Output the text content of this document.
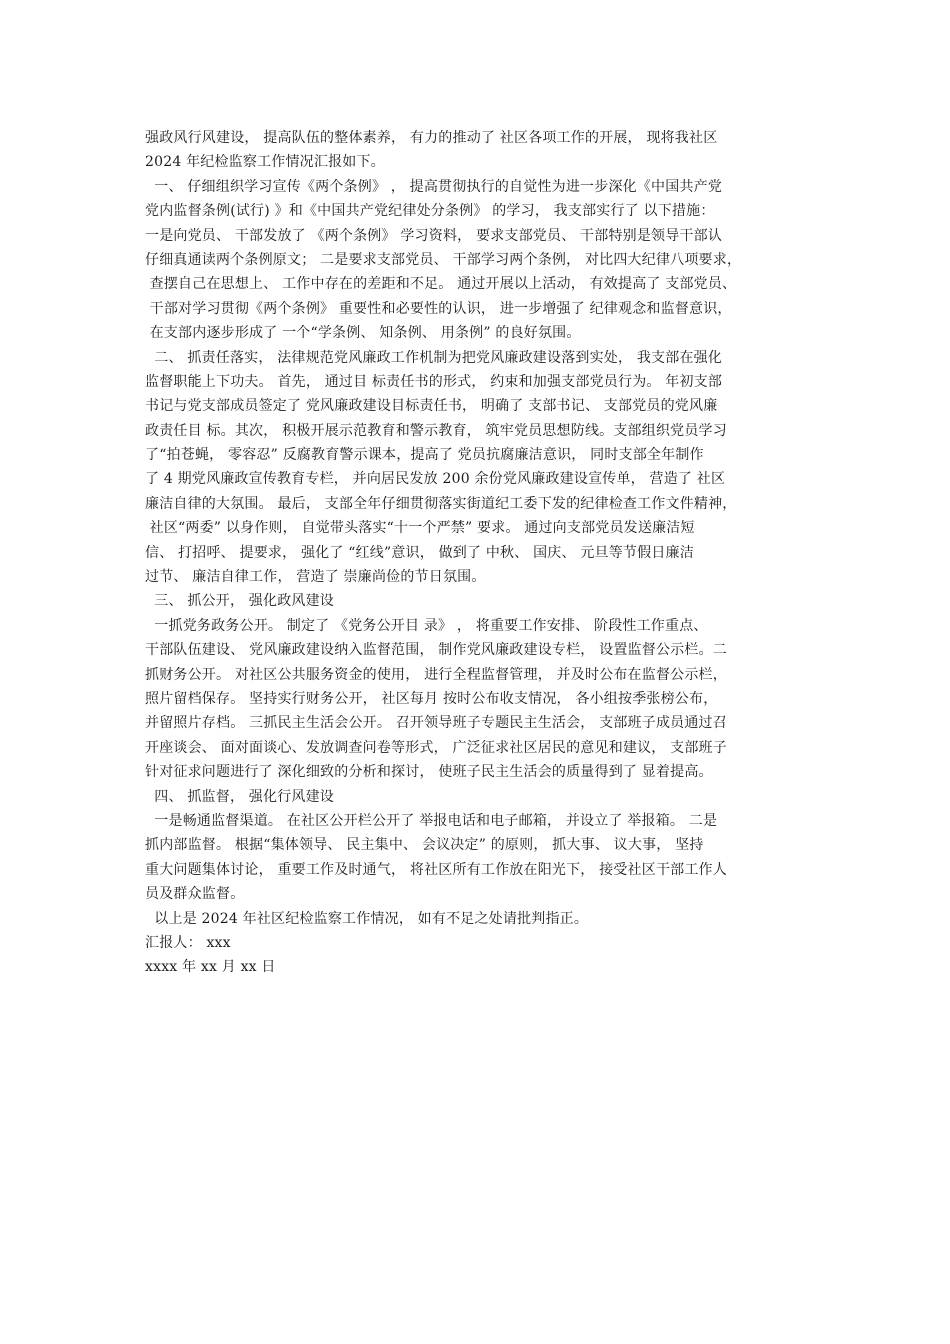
强政风行风建设， 提高队伍的整体素养， 有力的推动了 社区各项工作的开展， 现将我社区
2024 年纪检监察工作情况汇报如下。
一、 仔细组织学习宣传《两个条例》 ， 提高贯彻执行的自觉性为进一步深化《中国共产党
党内监督条例(试行) 》和《中国共产党纪律处分条例》 的学习， 我支部实行了 以下措施：
一是向党员、 干部发放了 《两个条例》 学习资料， 要求支部党员、 干部特别是领导干部认
仔细真通读两个条例原文； 二是要求支部党员、 干部学习两个条例， 对比四大纪律八项要求，
查摆自己在思想上、 工作中存在的差距和不足。 通过开展以上活动， 有效提高了 支部党员、
干部对学习贯彻《两个条例》 重要性和必要性的认识， 进一步增强了 纪律观念和监督意识，
在支部内逐步形成了 一个“学条例、 知条例、 用条例” 的良好氛围。
二、 抓责任落实， 法律规范党风廉政工作机制为把党风廉政建设落到实处， 我支部在强化
监督职能上下功夫。 首先， 通过目 标责任书的形式， 约束和加强支部党员行为。 年初支部
书记与党支部成员签定了 党风廉政建设目标责任书， 明确了 支部书记、 支部党员的党风廉
政责任目 标。其次， 积极开展示范教育和警示教育， 筑牢党员思想防线。支部组织党员学习
了“拍苍蝇， 零容忍” 反腐教育警示课本，提高了 党员抗腐廉洁意识， 同时支部全年制作
了 4 期党风廉政宣传教育专栏， 并向居民发放 200 余份党风廉政建设宣传单， 营造了 社区
廉洁自律的大氛围。 最后， 支部全年仔细贯彻落实街道纪工委下发的纪律检查工作文件精神，
社区“两委” 以身作则， 自觉带头落实“十一个严禁” 要求。 通过向支部党员发送廉洁短
信、 打招呼、 提要求， 强化了 “红线”意识， 做到了 中秋、 国庆、 元旦等节假日廉洁
过节、 廉洁自律工作， 营造了 崇廉尚俭的节日氛围。
三、 抓公开， 强化政风建设
一抓党务政务公开。 制定了 《党务公开目 录》 ， 将重要工作安排、 阶段性工作重点、
干部队伍建设、 党风廉政建设纳入监督范围， 制作党风廉政建设专栏， 设置监督公示栏。二
抓财务公开。 对社区公共服务资金的使用， 进行全程监督管理， 并及时公布在监督公示栏，
照片留档保存。 坚持实行财务公开， 社区每月 按时公布收支情况， 各小组按季张榜公布，
并留照片存档。 三抓民主生活会公开。 召开领导班子专题民主生活会， 支部班子成员通过召
开座谈会、 面对面谈心、发放调查问卷等形式， 广泛征求社区居民的意见和建议， 支部班子
针对征求问题进行了 深化细致的分析和探讨， 使班子民主生活会的质量得到了 显着提高。
四、 抓监督， 强化行风建设
一是畅通监督渠道。 在社区公开栏公开了 举报电话和电子邮箱， 并设立了 举报箱。 二是
抓内部监督。 根据“集体领导、 民主集中、 会议决定” 的原则， 抓大事、 议大事， 坚持
重大问题集体讨论， 重要工作及时通气， 将社区所有工作放在阳光下， 接受社区干部工作人
员及群众监督。
以上是 2024 年社区纪检监察工作情况， 如有不足之处请批判指正。
汇报人： xxx
xxxx 年 xx 月 xx 日
